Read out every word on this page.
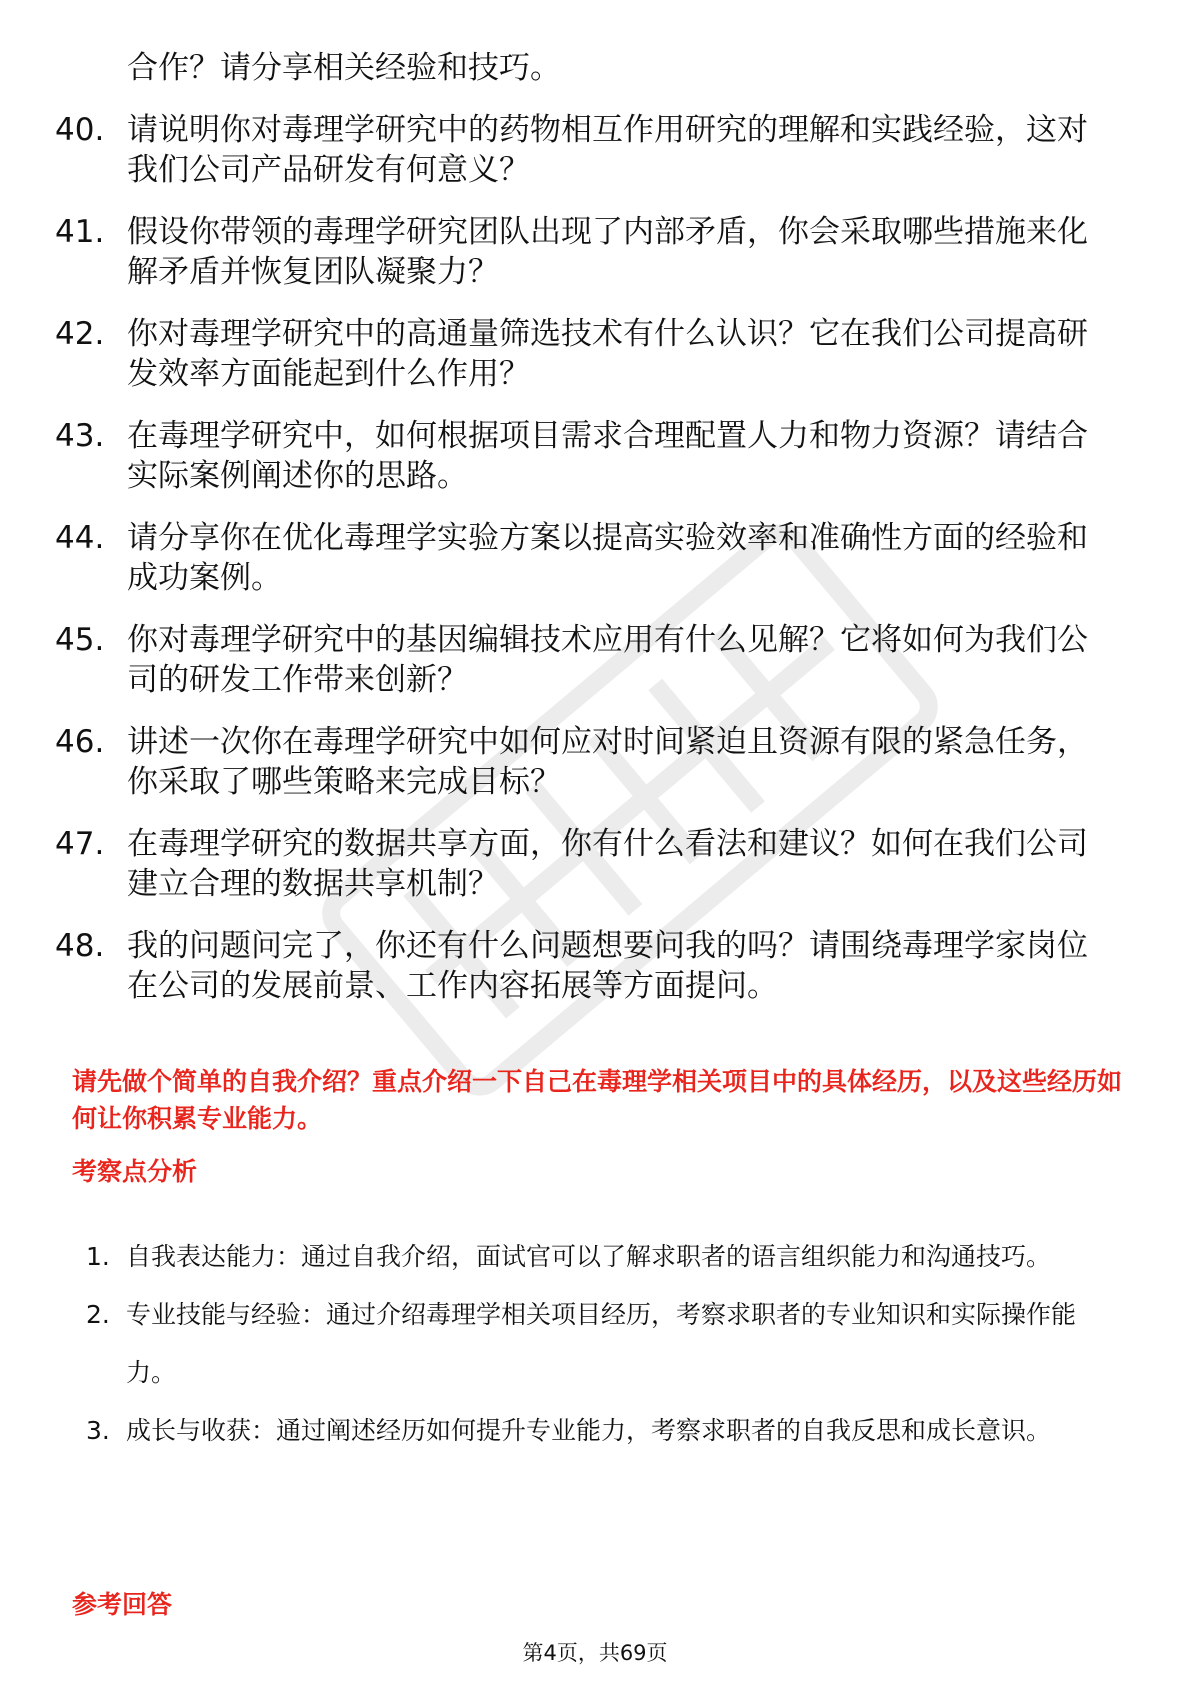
合作？请分享相关经验和技巧。
40. 请说明你对毒理学研究中的药物相互作用研究的理解和实践经验，这对我们公司产品研发有何意义？
41. 假设你带领的毒理学研究团队出现了内部矛盾，你会采取哪些措施来化解矛盾并恢复团队凝聚力？
42. 你对毒理学研究中的高通量筛选技术有什么认识？它在我们公司提高研发效率方面能起到什么作用？
43. 在毒理学研究中，如何根据项目需求合理配置人力和物力资源？请结合实际案例阐述你的思路。
44. 请分享你在优化毒理学实验方案以提高实验效率和准确性方面的经验和成功案例。
45. 你对毒理学研究中的基因编辑技术应用有什么见解？它将如何为我们公司的研发工作带来创新？
46. 讲述一次你在毒理学研究中如何应对时间紧迫且资源有限的紧急任务，你采取了哪些策略来完成目标？
47. 在毒理学研究的数据共享方面，你有什么看法和建议？如何在我们公司建立合理的数据共享机制？
48. 我的问题问完了，你还有什么问题想要问我的吗？请围绕毒理学家岗位在公司的发展前景、工作内容拓展等方面提问。

请先做个简单的自我介绍？重点介绍一下自己在毒理学相关项目中的具体经历，以及这些经历如何让你积累专业能力。

考察点分析
1. 自我表达能力：通过自我介绍，面试官可以了解求职者的语言组织能力和沟通技巧。
2. 专业技能与经验：通过介绍毒理学相关项目经历，考察求职者的专业知识和实际操作能力。
3. 成长与收获：通过阐述经历如何提升专业能力，考察求职者的自我反思和成长意识。
参考回答
第4页，共69页
